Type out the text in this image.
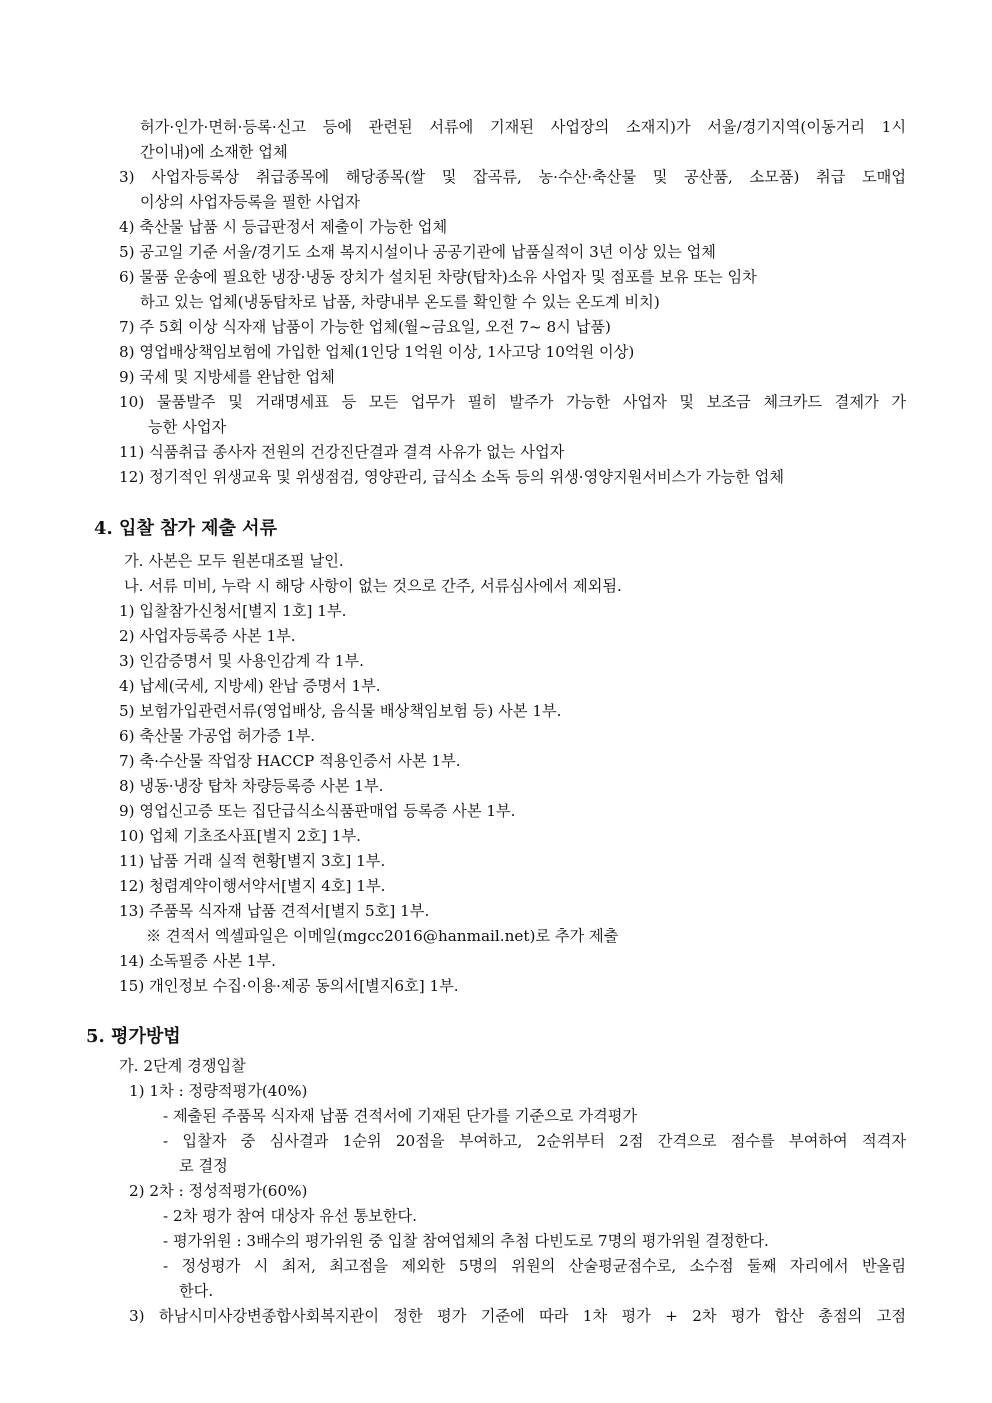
허가·인가·면허·등록·신고 등에 관련된 서류에 기재된 사업장의 소재지)가 서울/경기지역(이동거리 1시
간이내)에 소재한 업체
3) 사업자등록상 취급종목에 해당종목(쌀 및 잡곡류, 농·수산·축산물 및 공산품, 소모품) 취급 도매업
이상의 사업자등록을 필한 사업자
4) 축산물 납품 시 등급판정서 제출이 가능한 업체
5) 공고일 기준 서울/경기도 소재 복지시설이나 공공기관에 납품실적이 3년 이상 있는 업체
6) 물품 운송에 필요한 냉장·냉동 장치가 설치된 차량(탑차)소유 사업자 및 점포를 보유 또는 임차
하고 있는 업체(냉동탑차로 납품, 차량내부 온도를 확인할 수 있는 온도계 비치)
7) 주 5회 이상 식자재 납품이 가능한 업체(월~금요일, 오전 7~ 8시 납품)
8) 영업배상책임보험에 가입한 업체(1인당 1억원 이상, 1사고당 10억원 이상)
9) 국세 및 지방세를 완납한 업체
10) 물품발주 및 거래명세표 등 모든 업무가 필히 발주가 가능한 사업자 및 보조금 체크카드 결제가 가
능한 사업자
11) 식품취급 종사자 전원의 건강진단결과 결격 사유가 없는 사업자
12) 정기적인 위생교육 및 위생점검, 영양관리, 급식소 소독 등의 위생·영양지원서비스가 가능한 업체
4. 입찰 참가 제출 서류
가. 사본은 모두 원본대조필 날인.
나. 서류 미비, 누락 시 해당 사항이 없는 것으로 간주, 서류심사에서 제외됨.
1) 입찰참가신청서[별지 1호] 1부.
2) 사업자등록증 사본 1부.
3) 인감증명서 및 사용인감계 각 1부.
4) 납세(국세, 지방세) 완납 증명서 1부.
5) 보험가입관련서류(영업배상, 음식물 배상책임보험 등) 사본 1부.
6) 축산물 가공업 허가증 1부.
7) 축·수산물 작업장 HACCP 적용인증서 사본 1부.
8) 냉동·냉장 탑차 차량등록증 사본 1부.
9) 영업신고증 또는 집단급식소식품판매업 등록증 사본 1부.
10) 업체 기초조사표[별지 2호] 1부.
11) 납품 거래 실적 현황[별지 3호] 1부.
12) 청렴계약이행서약서[별지 4호] 1부.
13) 주품목 식자재 납품 견적서[별지 5호] 1부.
※ 견적서 엑셀파일은 이메일(mgcc2016@hanmail.net)로 추가 제출
14) 소독필증 사본 1부.
15) 개인정보 수집·이용·제공 동의서[별지6호] 1부.
5. 평가방법
가. 2단계 경쟁입찰
1) 1차 : 정량적평가(40%)
- 제출된 주품목 식자재 납품 견적서에 기재된 단가를 기준으로 가격평가
- 입찰자 중 심사결과 1순위 20점을 부여하고, 2순위부터 2점 간격으로 점수를 부여하여 적격자
로 결정
2) 2차 : 정성적평가(60%)
- 2차 평가 참여 대상자 유선 통보한다.
- 평가위원 : 3배수의 평가위원 중 입찰 참여업체의 추첨 다빈도로 7명의 평가위원 결정한다.
- 정성평가 시 최저, 최고점을 제외한 5명의 위원의 산술평균점수로, 소수점 둘째 자리에서 반올림
한다.
3) 하남시미사강변종합사회복지관이 정한 평가 기준에 따라 1차 평가 + 2차 평가 합산 총점의 고점
